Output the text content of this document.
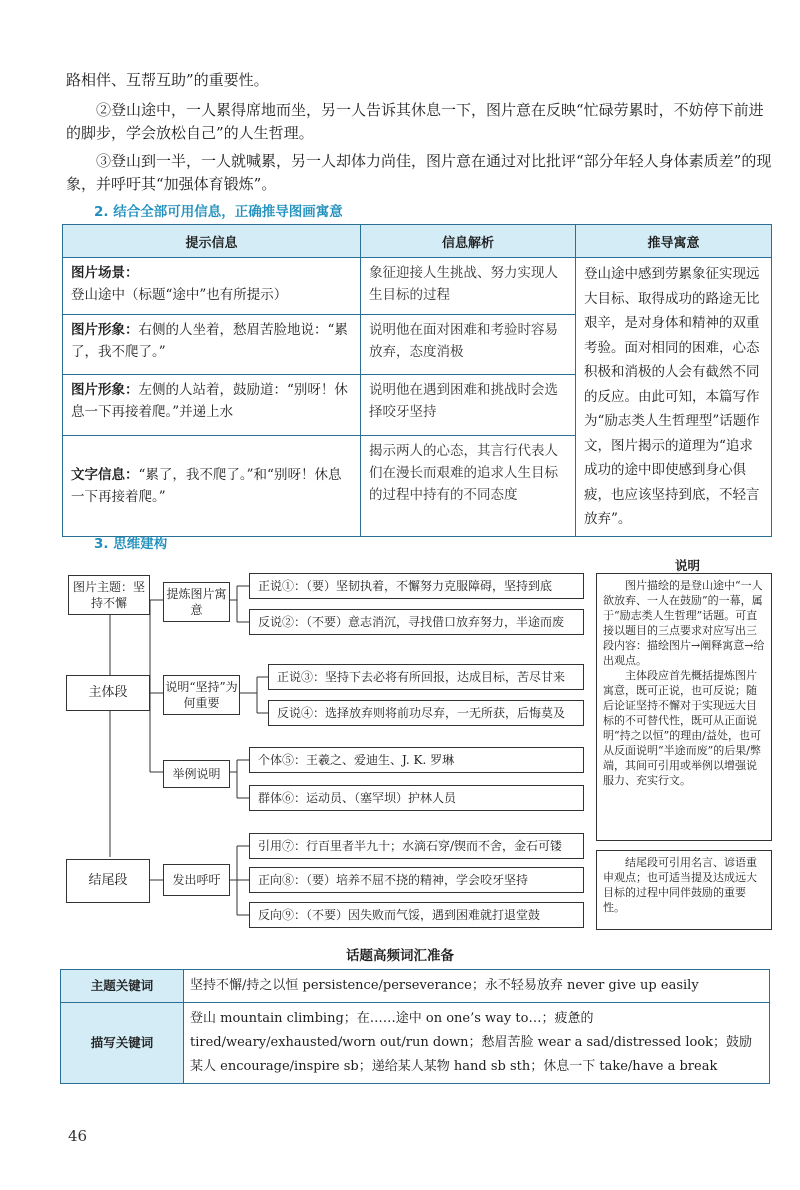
路相伴、互帮互助”的重要性。

②登山途中，一人累得席地而坐，另一人告诉其休息一下，图片意在反映“忙碌劳累时，不妨停下前进的脚步，学会放松自己”的人生哲理。

③登山到一半，一人就喊累，另一人却体力尚佳，图片意在通过对比批评“部分年轻人身体素质差”的现象，并呼吁其“加强体育锻炼”。

2. 结合全部可用信息，正确推导图画寓意
提示信息	信息解析	推导寓意
图片场景：登山途中（标题“途中”也有所提示）	象征迎接人生挑战、努力实现人生目标的过程	登山途中感到劳累象征实现远大目标、取得成功的路途无比艰辛，是对身体和精神的双重考验。面对相同的困难，心态积极和消极的人会有截然不同的反应。由此可知，本篇写作为“励志类人生哲理型”话题作文，图片揭示的道理为“追求成功的途中即使感到身心俱疲，也应该坚持到底，不轻言放弃”。
图片形象：右侧的人坐着，愁眉苦脸地说：“累了，我不爬了。”	说明他在面对困难和考验时容易放弃，态度消极	
图片形象：左侧的人站着，鼓励道：“别呀！休息一下再接着爬。”并递上水	说明他在遇到困难和挑战时会选择咬牙坚持	
文字信息：“累了，我不爬了。”和“别呀！休息一下再接着爬。”	揭示两人的心态，其言行代表人们在漫长而艰难的追求人生目标的过程中持有的不同态度	
3. 思维建构
说明
图片主题：坚持不懈
主体段
结尾段
提炼图片寓意
说明“坚持”为何重要
举例说明
发出呼吁
正说①：（要）坚韧执着，不懈努力克服障碍，坚持到底
反说②：（不要）意志消沉，寻找借口放弃努力，半途而废
正说③：坚持下去必将有所回报，达成目标，苦尽甘来
反说④：选择放弃则将前功尽弃，一无所获，后悔莫及
个体⑤：王羲之、爱迪生、J. K. 罗琳
群体⑥：运动员、（塞罕坝）护林人员
引用⑦：行百里者半九十；水滴石穿/锲而不舍，金石可镂
正向⑧：（要）培养不屈不挠的精神，学会咬牙坚持
反向⑨：（不要）因失败而气馁，遇到困难就打退堂鼓
图片描绘的是登山途中“一人欲放弃、一人在鼓励”的一幕，属于“励志类人生哲理”话题。可直接以题目的三点要求对应写出三段内容：描绘图片→阐释寓意→给出观点。
主体段应首先概括提炼图片寓意，既可正说，也可反说；随后论证坚持不懈对于实现远大目标的不可替代性，既可从正面说明“持之以恒”的理由/益处，也可从反面说明“半途而废”的后果/弊端，其间可引用或举例以增强说服力、充实行文。
结尾段可引用名言、谚语重申观点；也可适当提及达成远大目标的过程中同伴鼓励的重要性。
话题高频词汇准备
主题关键词	坚持不懈/持之以恒 persistence/perseverance；永不轻易放弃 never give up easily
描写关键词	登山 mountain climbing；在……途中 on one’s way to…；疲惫的 tired/weary/exhausted/worn out/run down；愁眉苦脸 wear a sad/distressed look；鼓励某人 encourage/inspire sb；递给某人某物 hand sb sth；休息一下 take/have a break
46
